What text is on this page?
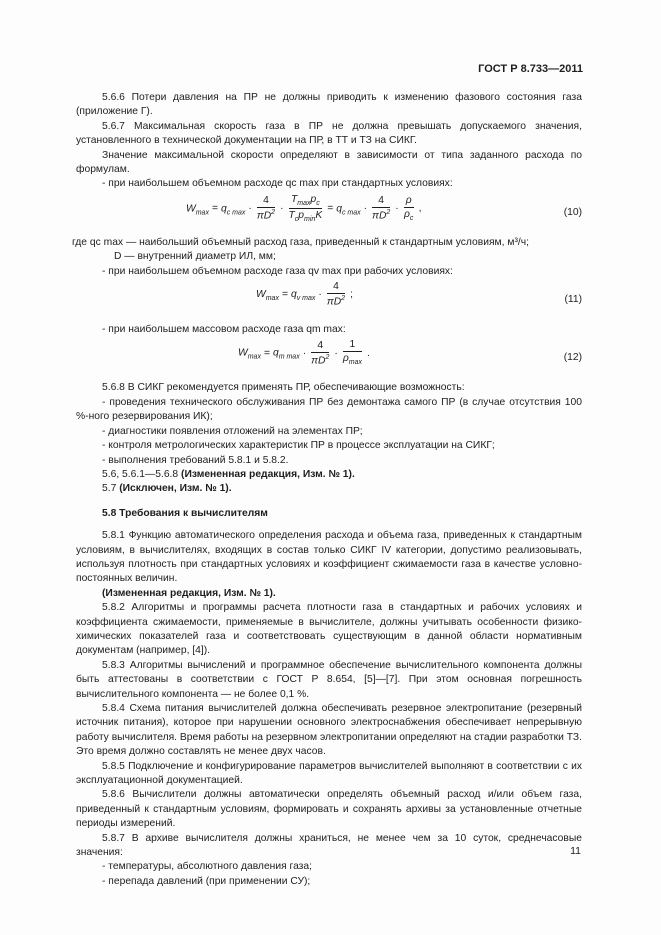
ГОСТ Р 8.733—2011

5.6.6 Потери давления на ПР не должны приводить к изменению фазового состояния газа (приложение Г).

5.6.7 Максимальная скорость газа в ПР не должна превышать допускаемого значения, установленного в технической документации на ПР, в ТТ и ТЗ на СИКГ.

Значение максимальной скорости определяют в зависимости от типа заданного расхода по формулам.

- при наибольшем объемном расходе qc max при стандартных условиях:

$W_{max} = q_{c max} \cdot \frac{4}{\pi D^2} \cdot \frac{T_{max}p_c}{T_cp_{min}K} = q_{c max} \cdot \frac{4}{\pi D^2} \cdot \frac{\rho}{\rho_c}$ ,	(10)

где qc max — наибольший объемный расход газа, приведенный к стандартным условиям, м³/ч;

D — внутренний диаметр ИЛ, мм;

- при наибольшем объемном расходе газа qv max при рабочих условиях:

$W_{max} = q_{v max} \cdot \frac{4}{\pi D^2}$ ;	(11)

- при наибольшем массовом расходе газа qm max:

$W_{max} = q_{m max} \cdot \frac{4}{\pi D^2} \cdot \frac{1}{\rho_{max}}$ .	(12)

5.6.8 В СИКГ рекомендуется применять ПР, обеспечивающие возможность:

- проведения технического обслуживания ПР без демонтажа самого ПР (в случае отсутствия 100 %-ного резервирования ИК);

- диагностики появления отложений на элементах ПР;

- контроля метрологических характеристик ПР в процессе эксплуатации на СИКГ;

- выполнения требований 5.8.1 и 5.8.2.

5.6, 5.6.1—5.6.8 (Измененная редакция, Изм. № 1).

5.7 (Исключен, Изм. № 1).

5.8 Требования к вычислителям

5.8.1 Функцию автоматического определения расхода и объема газа, приведенных к стандартным условиям, в вычислителях, входящих в состав только СИКГ IV категории, допустимо реализовывать, используя плотность при стандартных условиях и коэффициент сжимаемости газа в качестве условно-постоянных величин.

(Измененная редакция, Изм. № 1).

5.8.2 Алгоритмы и программы расчета плотности газа в стандартных и рабочих условиях и коэффициента сжимаемости, применяемые в вычислителе, должны учитывать особенности физико-химических показателей газа и соответствовать существующим в данной области нормативным документам (например, [4]).

5.8.3 Алгоритмы вычислений и программное обеспечение вычислительного компонента должны быть аттестованы в соответствии с ГОСТ Р 8.654, [5]—[7]. При этом основная погрешность вычислительного компонента — не более 0,1 %.

5.8.4 Схема питания вычислителей должна обеспечивать резервное электропитание (резервный источник питания), которое при нарушении основного электроснабжения обеспечивает непрерывную работу вычислителя. Время работы на резервном электропитании определяют на стадии разработки ТЗ. Это время должно составлять не менее двух часов.

5.8.5 Подключение и конфигурирование параметров вычислителей выполняют в соответствии с их эксплуатационной документацией.

5.8.6 Вычислители должны автоматически определять объемный расход и/или объем газа, приведенный к стандартным условиям, формировать и сохранять архивы за установленные отчетные периоды измерений.

5.8.7 В архиве вычислителя должны храниться, не менее чем за 10 суток, среднечасовые значения:

- температуры, абсолютного давления газа;

- перепада давлений (при применении СУ);

11
